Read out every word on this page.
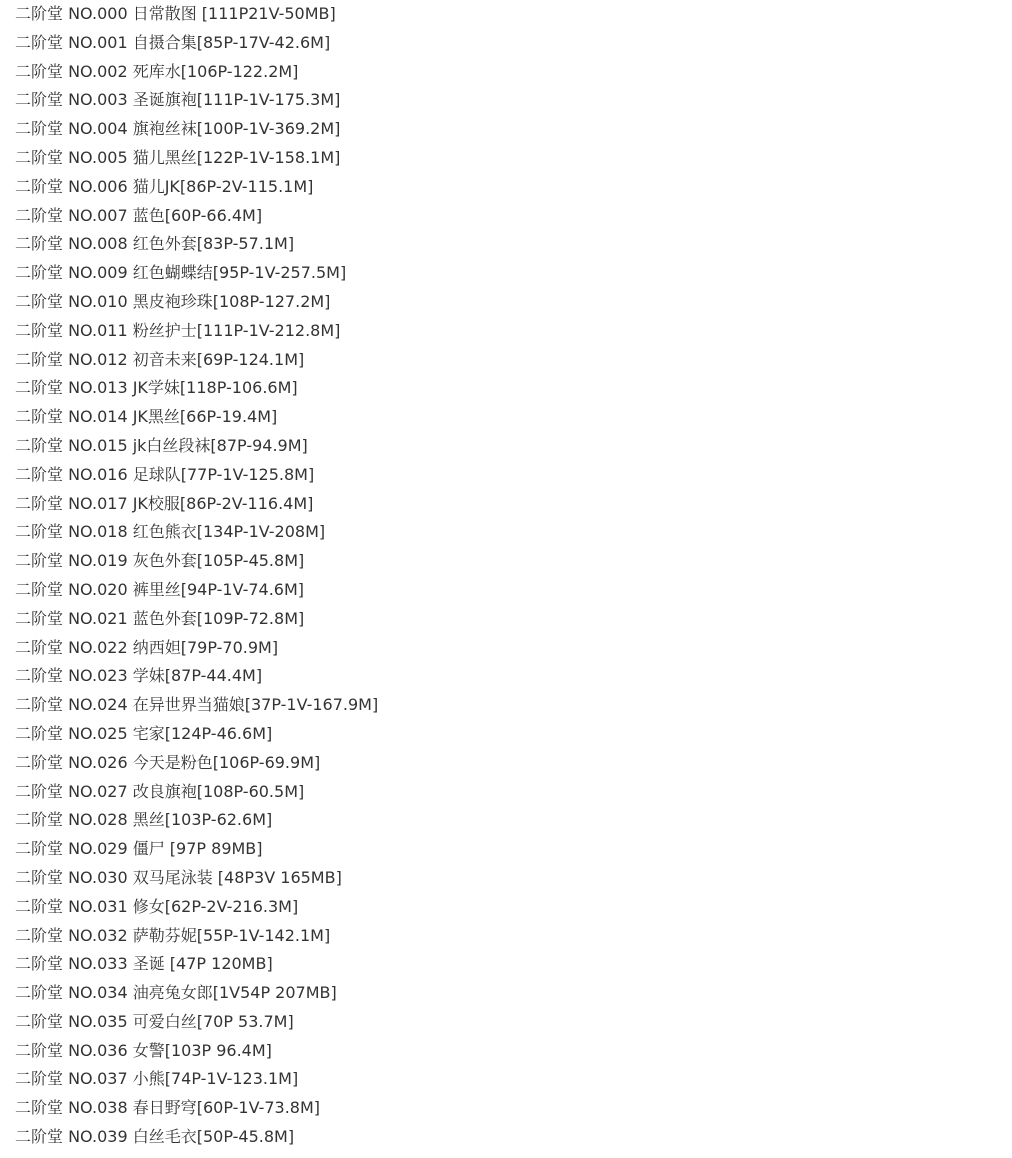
二阶堂 NO.000 日常散图 [111P21V-50MB]
二阶堂 NO.001 自摄合集[85P-17V-42.6M]
二阶堂 NO.002 死库水[106P-122.2M]
二阶堂 NO.003 圣诞旗袍[111P-1V-175.3M]
二阶堂 NO.004 旗袍丝袜[100P-1V-369.2M]
二阶堂 NO.005 猫儿黑丝[122P-1V-158.1M]
二阶堂 NO.006 猫儿JK[86P-2V-115.1M]
二阶堂 NO.007 蓝色[60P-66.4M]
二阶堂 NO.008 红色外套[83P-57.1M]
二阶堂 NO.009 红色蝴蝶结[95P-1V-257.5M]
二阶堂 NO.010 黑皮袍珍珠[108P-127.2M]
二阶堂 NO.011 粉丝护士[111P-1V-212.8M]
二阶堂 NO.012 初音未来[69P-124.1M]
二阶堂 NO.013 JK学妹[118P-106.6M]
二阶堂 NO.014 JK黑丝[66P-19.4M]
二阶堂 NO.015 jk白丝段袜[87P-94.9M]
二阶堂 NO.016 足球队[77P-1V-125.8M]
二阶堂 NO.017 JK校服[86P-2V-116.4M]
二阶堂 NO.018 红色熊衣[134P-1V-208M]
二阶堂 NO.019 灰色外套[105P-45.8M]
二阶堂 NO.020 裤里丝[94P-1V-74.6M]
二阶堂 NO.021 蓝色外套[109P-72.8M]
二阶堂 NO.022 纳西妲[79P-70.9M]
二阶堂 NO.023 学妹[87P-44.4M]
二阶堂 NO.024 在异世界当猫娘[37P-1V-167.9M]
二阶堂 NO.025 宅家[124P-46.6M]
二阶堂 NO.026 今天是粉色[106P-69.9M]
二阶堂 NO.027 改良旗袍[108P-60.5M]
二阶堂 NO.028 黑丝[103P-62.6M]
二阶堂 NO.029 僵尸 [97P 89MB]
二阶堂 NO.030 双马尾泳装 [48P3V 165MB]
二阶堂 NO.031 修女[62P-2V-216.3M]
二阶堂 NO.032 萨勒芬妮[55P-1V-142.1M]
二阶堂 NO.033 圣诞 [47P 120MB]
二阶堂 NO.034 油亮兔女郎[1V54P 207MB]
二阶堂 NO.035 可爱白丝[70P 53.7M]
二阶堂 NO.036 女警[103P 96.4M]
二阶堂 NO.037 小熊[74P-1V-123.1M]
二阶堂 NO.038 春日野穹[60P-1V-73.8M]
二阶堂 NO.039 白丝毛衣[50P-45.8M]
